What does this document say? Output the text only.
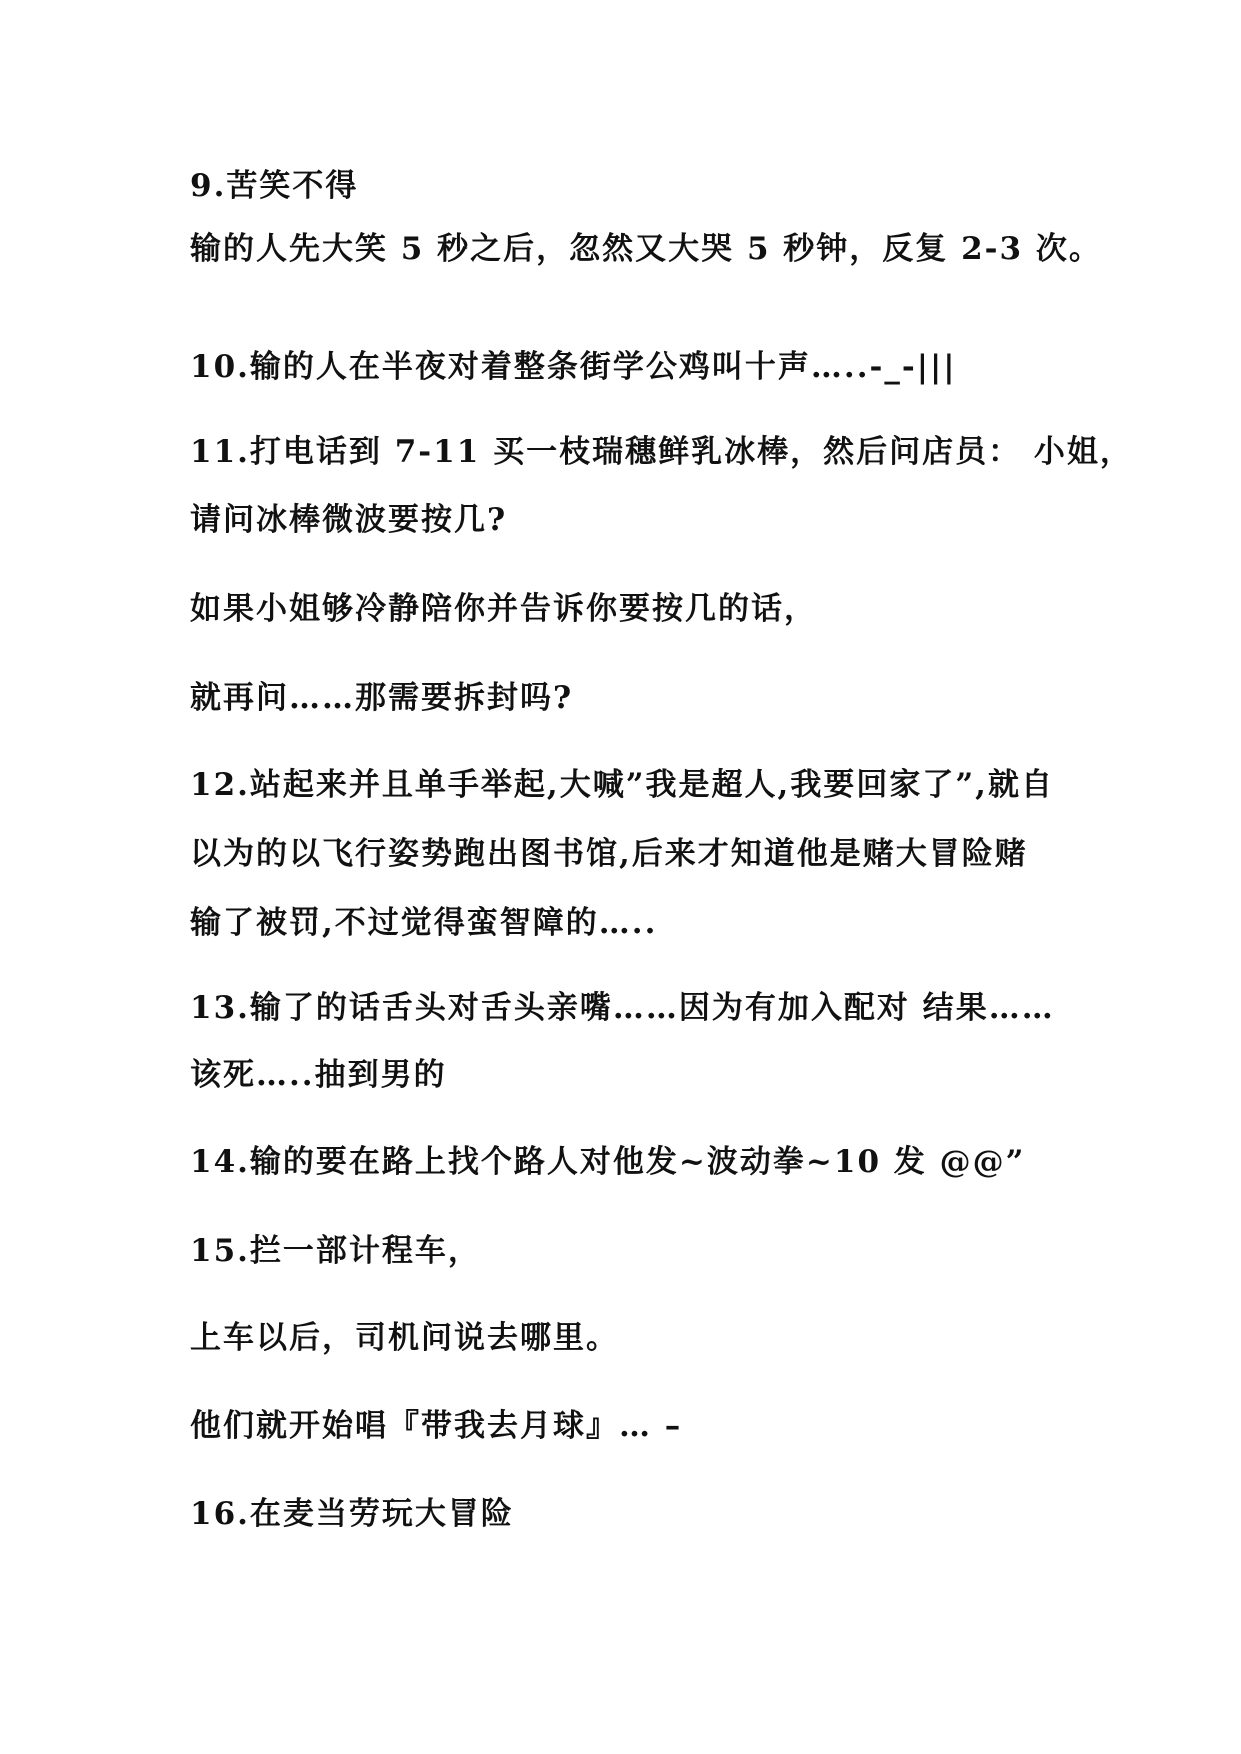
9.苦笑不得
输的人先大笑 5 秒之后，忽然又大哭 5 秒钟，反复 2-3 次。
10.输的人在半夜对着整条街学公鸡叫十声…..-_-|||
11.打电话到 7-11 买一枝瑞穗鲜乳冰棒，然后问店员： 小姐，
请问冰棒微波要按几?
如果小姐够冷静陪你并告诉你要按几的话，
就再问……那需要拆封吗?
12.站起来并且单手举起,大喊”我是超人,我要回家了”,就自
以为的以飞行姿势跑出图书馆,后来才知道他是赌大冒险赌
输了被罚,不过觉得蛮智障的…..
13.输了的话舌头对舌头亲嘴……因为有加入配对 结果……
该死…..抽到男的
14.输的要在路上找个路人对他发~波动拳~10 发 @@”
15.拦一部计程车，
上车以后，司机问说去哪里。
他们就开始唱『带我去月球』… –
16.在麦当劳玩大冒险
